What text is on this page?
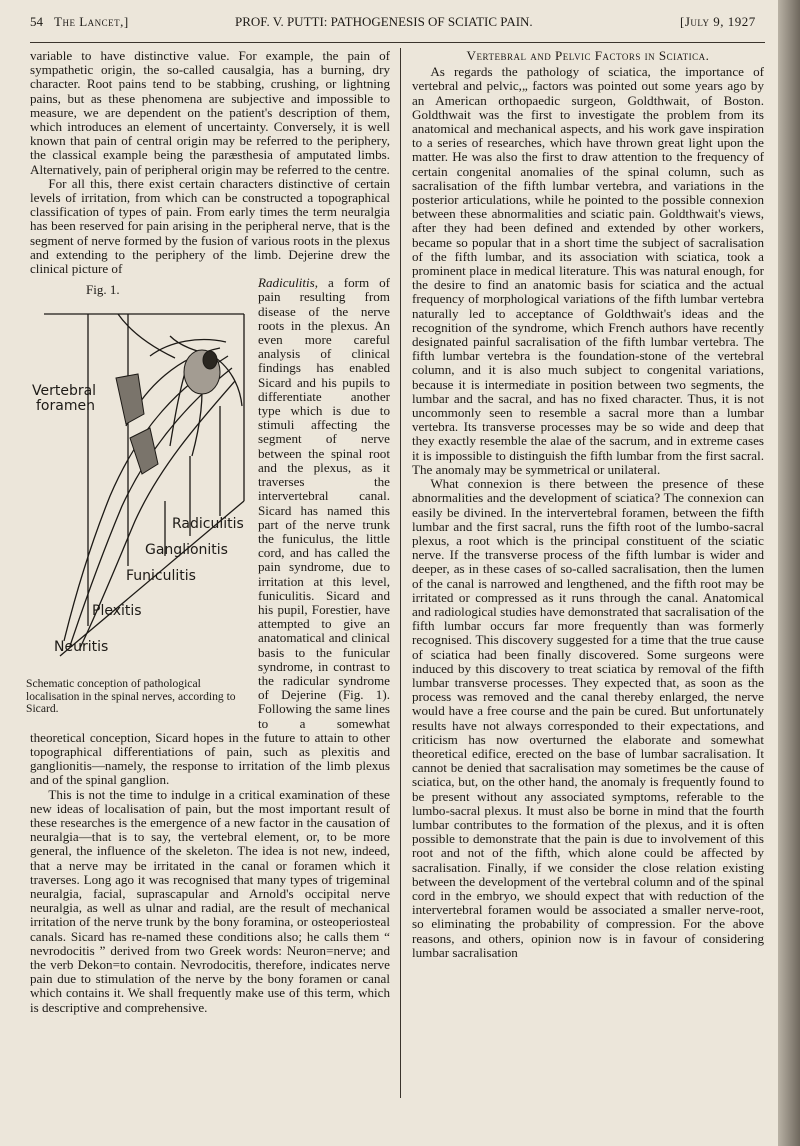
54 The Lancet,]	PROF. V. PUTTI: PATHOGENESIS OF SCIATIC PAIN.	[July 9, 1927

variable to have distinctive value. For example, the pain of sympathetic origin, the so-called causalgia, has a burning, dry character. Root pains tend to be stabbing, crushing, or lightning pains, but as these phenomena are subjective and impossible to measure, we are dependent on the patient's description of them, which introduces an element of uncertainty. Conversely, it is well known that pain of central origin may be referred to the periphery, the classical example being the paræsthesia of amputated limbs. Alternatively, pain of peripheral origin may be referred to the centre.

For all this, there exist certain characters distinctive of certain levels of irritation, from which can be constructed a topographical classification of types of pain. From early times the term neuralgia has been reserved for pain arising in the peripheral nerve, that is the segment of nerve formed by the fusion of various roots in the plexus and extending to the periphery of the limb. Dejerine drew the clinical picture of

Fig. 1.
Vertebral
foramen
Radiculitis
Ganglionitis
Funiculitis
Plexitis
Neuritis
Schematic conception of pathological localisation in the spinal nerves, according to Sicard.

Radiculitis, a form of pain resulting from disease of the nerve roots in the plexus. An even more careful analysis of clinical findings has enabled Sicard and his pupils to differentiate another type which is due to stimuli affecting the segment of nerve between the spinal root and the plexus, as it traverses the intervertebral canal. Sicard has named this part of the nerve trunk the funiculus, the little cord, and has called the pain syndrome, due to irritation at this level, funiculitis. Sicard and his pupil, Forestier, have attempted to give an anatomatical and clinical basis to the funicular syndrome, in contrast to the radicular syndrome of Dejerine (Fig. 1). Following the same lines to a somewhat theoretical conception, Sicard hopes in the future to attain to other topographical differentiations of pain, such as plexitis and ganglionitis—namely, the response to irritation of the limb plexus and of the spinal ganglion.

This is not the time to indulge in a critical examination of these new ideas of localisation of pain, but the most important result of these researches is the emergence of a new factor in the causation of neuralgia—that is to say, the vertebral element, or, to be more general, the influence of the skeleton. The idea is not new, indeed, that a nerve may be irritated in the canal or foramen which it traverses. Long ago it was recognised that many types of trigeminal neuralgia, facial, suprascapular and Arnold's occipital nerve neuralgia, as well as ulnar and radial, are the result of mechanical irritation of the nerve trunk by the bony foramina, or osteoperiosteal canals. Sicard has re-named these conditions also; he calls them “ nevrodocitis ” derived from two Greek words: Neuron=nerve; and the verb Dekon=to contain. Nevrodocitis, therefore, indicates nerve pain due to stimulation of the nerve by the bony foramen or canal which contains it. We shall frequently make use of this term, which is descriptive and comprehensive.

Vertebral and Pelvic Factors in Sciatica.

As regards the pathology of sciatica, the importance of vertebral and pelvic,„ factors was pointed out some years ago by an American orthopaedic surgeon, Goldthwait, of Boston. Goldthwait was the first to investigate the problem from its anatomical and mechanical aspects, and his work gave inspiration to a series of researches, which have thrown great light upon the matter. He was also the first to draw attention to the frequency of certain congenital anomalies of the spinal column, such as sacralisation of the fifth lumbar vertebra, and variations in the posterior articulations, while he pointed to the possible connexion between these abnormalities and sciatic pain. Goldthwait's views, after they had been defined and extended by other workers, became so popular that in a short time the subject of sacralisation of the fifth lumbar, and its association with sciatica, took a prominent place in medical literature. This was natural enough, for the desire to find an anatomic basis for sciatica and the actual frequency of morphological variations of the fifth lumbar vertebra naturally led to acceptance of Goldthwait's ideas and the recognition of the syndrome, which French authors have recently designated painful sacralisation of the fifth lumbar vertebra. The fifth lumbar vertebra is the foundation-stone of the vertebral column, and it is also much subject to congenital variations, because it is intermediate in position between two segments, the lumbar and the sacral, and has no fixed character. Thus, it is not uncommonly seen to resemble a sacral more than a lumbar vertebra. Its transverse processes may be so wide and deep that they exactly resemble the alae of the sacrum, and in extreme cases it is impossible to distinguish the fifth lumbar from the first sacral. The anomaly may be symmetrical or unilateral.

What connexion is there between the presence of these abnormalities and the development of sciatica? The connexion can easily be divined. In the intervertebral foramen, between the fifth lumbar and the first sacral, runs the fifth root of the lumbo-sacral plexus, a root which is the principal constituent of the sciatic nerve. If the transverse process of the fifth lumbar is wider and deeper, as in these cases of so-called sacralisation, then the lumen of the canal is narrowed and lengthened, and the fifth root may be irritated or compressed as it runs through the canal. Anatomical and radiological studies have demonstrated that sacralisation of the fifth lumbar occurs far more frequently than was formerly recognised. This discovery suggested for a time that the true cause of sciatica had been finally discovered. Some surgeons were induced by this discovery to treat sciatica by removal of the fifth lumbar transverse processes. They expected that, as soon as the process was removed and the canal thereby enlarged, the nerve would have a free course and the pain be cured. But unfortunately results have not always corresponded to their expectations, and criticism has now overturned the elaborate and somewhat theoretical edifice, erected on the base of lumbar sacralisation. It cannot be denied that sacralisation may sometimes be the cause of sciatica, but, on the other hand, the anomaly is frequently found to be present without any associated symptoms, referable to the lumbo-sacral plexus. It must also be borne in mind that the fourth lumbar contributes to the formation of the plexus, and it is often possible to demonstrate that the pain is due to involvement of this root and not of the fifth, which alone could be affected by sacralisation. Finally, if we consider the close relation existing between the development of the vertebral column and of the spinal cord in the embryo, we should expect that with reduction of the intervertebral foramen would be associated a smaller nerve-root, so eliminating the probability of compression. For the above reasons, and others, opinion now is in favour of considering lumbar sacralisation
